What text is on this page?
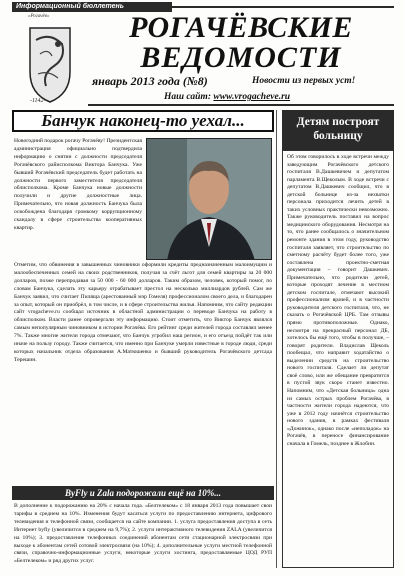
Информационный бюллетень
«Рогачёв»
-1142-
РОГАЧЁВСКИЕ
ВЕДОМОСТИ
январь 2013 года (№8)	Новости из первых уст!
Наш сайт: www.vrogacheve.ru
Банчук наконец-то уехал...
Новогодний подарок рогачу Рогачёву! Президентская администрация официально подтвердила информацию о снятии с должности председателя Рогачёвского райисполкома Виктора Банчука. Уже бывший Рогачёвский председатель будет работать на должности первого заместителя председателя облисполкома. Кроме Банчука новые должности получили и другие должностные лица. Примечательно, что новая должность Банчука была освобождена благодаря громкому коррупционному скандалу в сфере строительства кооперативных квартир.
Отметим, что обвинения в завышенных чиновники оформили кредиты предназначенным малоимущим и малообеспеченных семей на своих родственников, получая за счёт льгот для семей квартиры за 20 000 долларов, позже перепродавая за 50 000 - 60 000 долларов. Таким образом, человек, который помог, по словам Банчука, сделать эту карьеру отрабатывает престол на несколько миллиардов рублей. Сам же Банчук заявил, что считает Пиляща (арестованный мэр Гомеля) профессионалом своего дела, и благодарен за опыт, который он приобрёл, в том числе, и в сфере строительства жилья. Напомним, что сайту редакции сайт vrogacheve.ru сообщал источник в областной администрации о переводе Банчука на работу в облисполком. Власти ранее опровергали эту информацию. Стоит отметить, что Виктор Банчук являлся самым непопулярным чиновником в истории Рогачёва. Его рейтинг среди жителей города составлял менее 7%. Также многие жители города отмечают, что Банчук угробил наш регион, и его отъезд пойдёт так или иначе на пользу городу. Также считается, что именно при Банчуке умерли известные в городе люди, среди которых начальник отдела образования А.Матюшенко и бывший руководитель Рогачёвского детсада Терешин.
ByFly и Zala подорожали ещё на 10%...
В дополнение к подорожанию на 20% с начала года. «Белтелеком» с 18 января 2013 года повышает свои тарифы в среднем на 10%. Изменения будут касаться услуги по предоставлению интернета, цифрового телевидения и телефонной связи, сообщается на сайте компании. 1. услуга предоставления доступа в сеть Интернет byfly (увеличится в среднем на 9,7%); 2. услуги интерактивного телевидения ZALA (увеличится на 10%); 3. предоставление телефонных соединений абонентам сети стационарной электросвязи при выходе к абонентам сетей сотовой электросвязи (на 10%); 4. дополнительные услуги местной телефонной связи, справочно-информационные услуги, некоторые услуги хостинга, предоставляемые ЦОД РУП «Белтелеком» и ряд других услуг.
Детям построят больницу
Об этом говорилось в ходе встречи между заведующим Рогачёвского детского госпиталя В.Дашкевичем и депутатом парламента В.Щеколым. В ходе встречи с депутатом В.Дашкевич сообщил, что в детской больнице из-за нехватки персонала приходится лечить детей в таких условных практически невозможно. Также руководитель поставил на вопрос медицинского оборудования. Несмотря на то, что ранее сообщалось о значительном ремонте здания в этом году, руководство госпиталя заявляет, что строительство по сметному расчёту будет более того, уже составлена проектно-сметная документация – говорит Дашкевич. Примечательно, что родители детей, которые проходят лечение в местном детском госпитале, отмечают высокий профессионализм врачей, и в частности руководителя детского госпиталя, что, не сказать о Рогачёвской ЦРБ. Там отзывы прямо противоположные. Однако, несмотря на прекрасный персонал ДБ, хотелось бы ещё того, чтобы в получше, – говорят родители. Владислав Щеколь пообещал, что направит ходатайство о выделении средств на строительство нового госпиталя. Сделает ли депутат своё слово, или же обещание превратится в пустой звук скоро станет известно. Напомним, что «Детская больница» одна из самых острых проблем Рогачёва, в частности жители города надеются, что уже в 2012 году начнётся строительство нового здания, в рамках фестиваля «Дожинок», однако после «неполадок» на Рогачёв, в переносе финансирование сначала в Гомель, позднее в Жлобин.
